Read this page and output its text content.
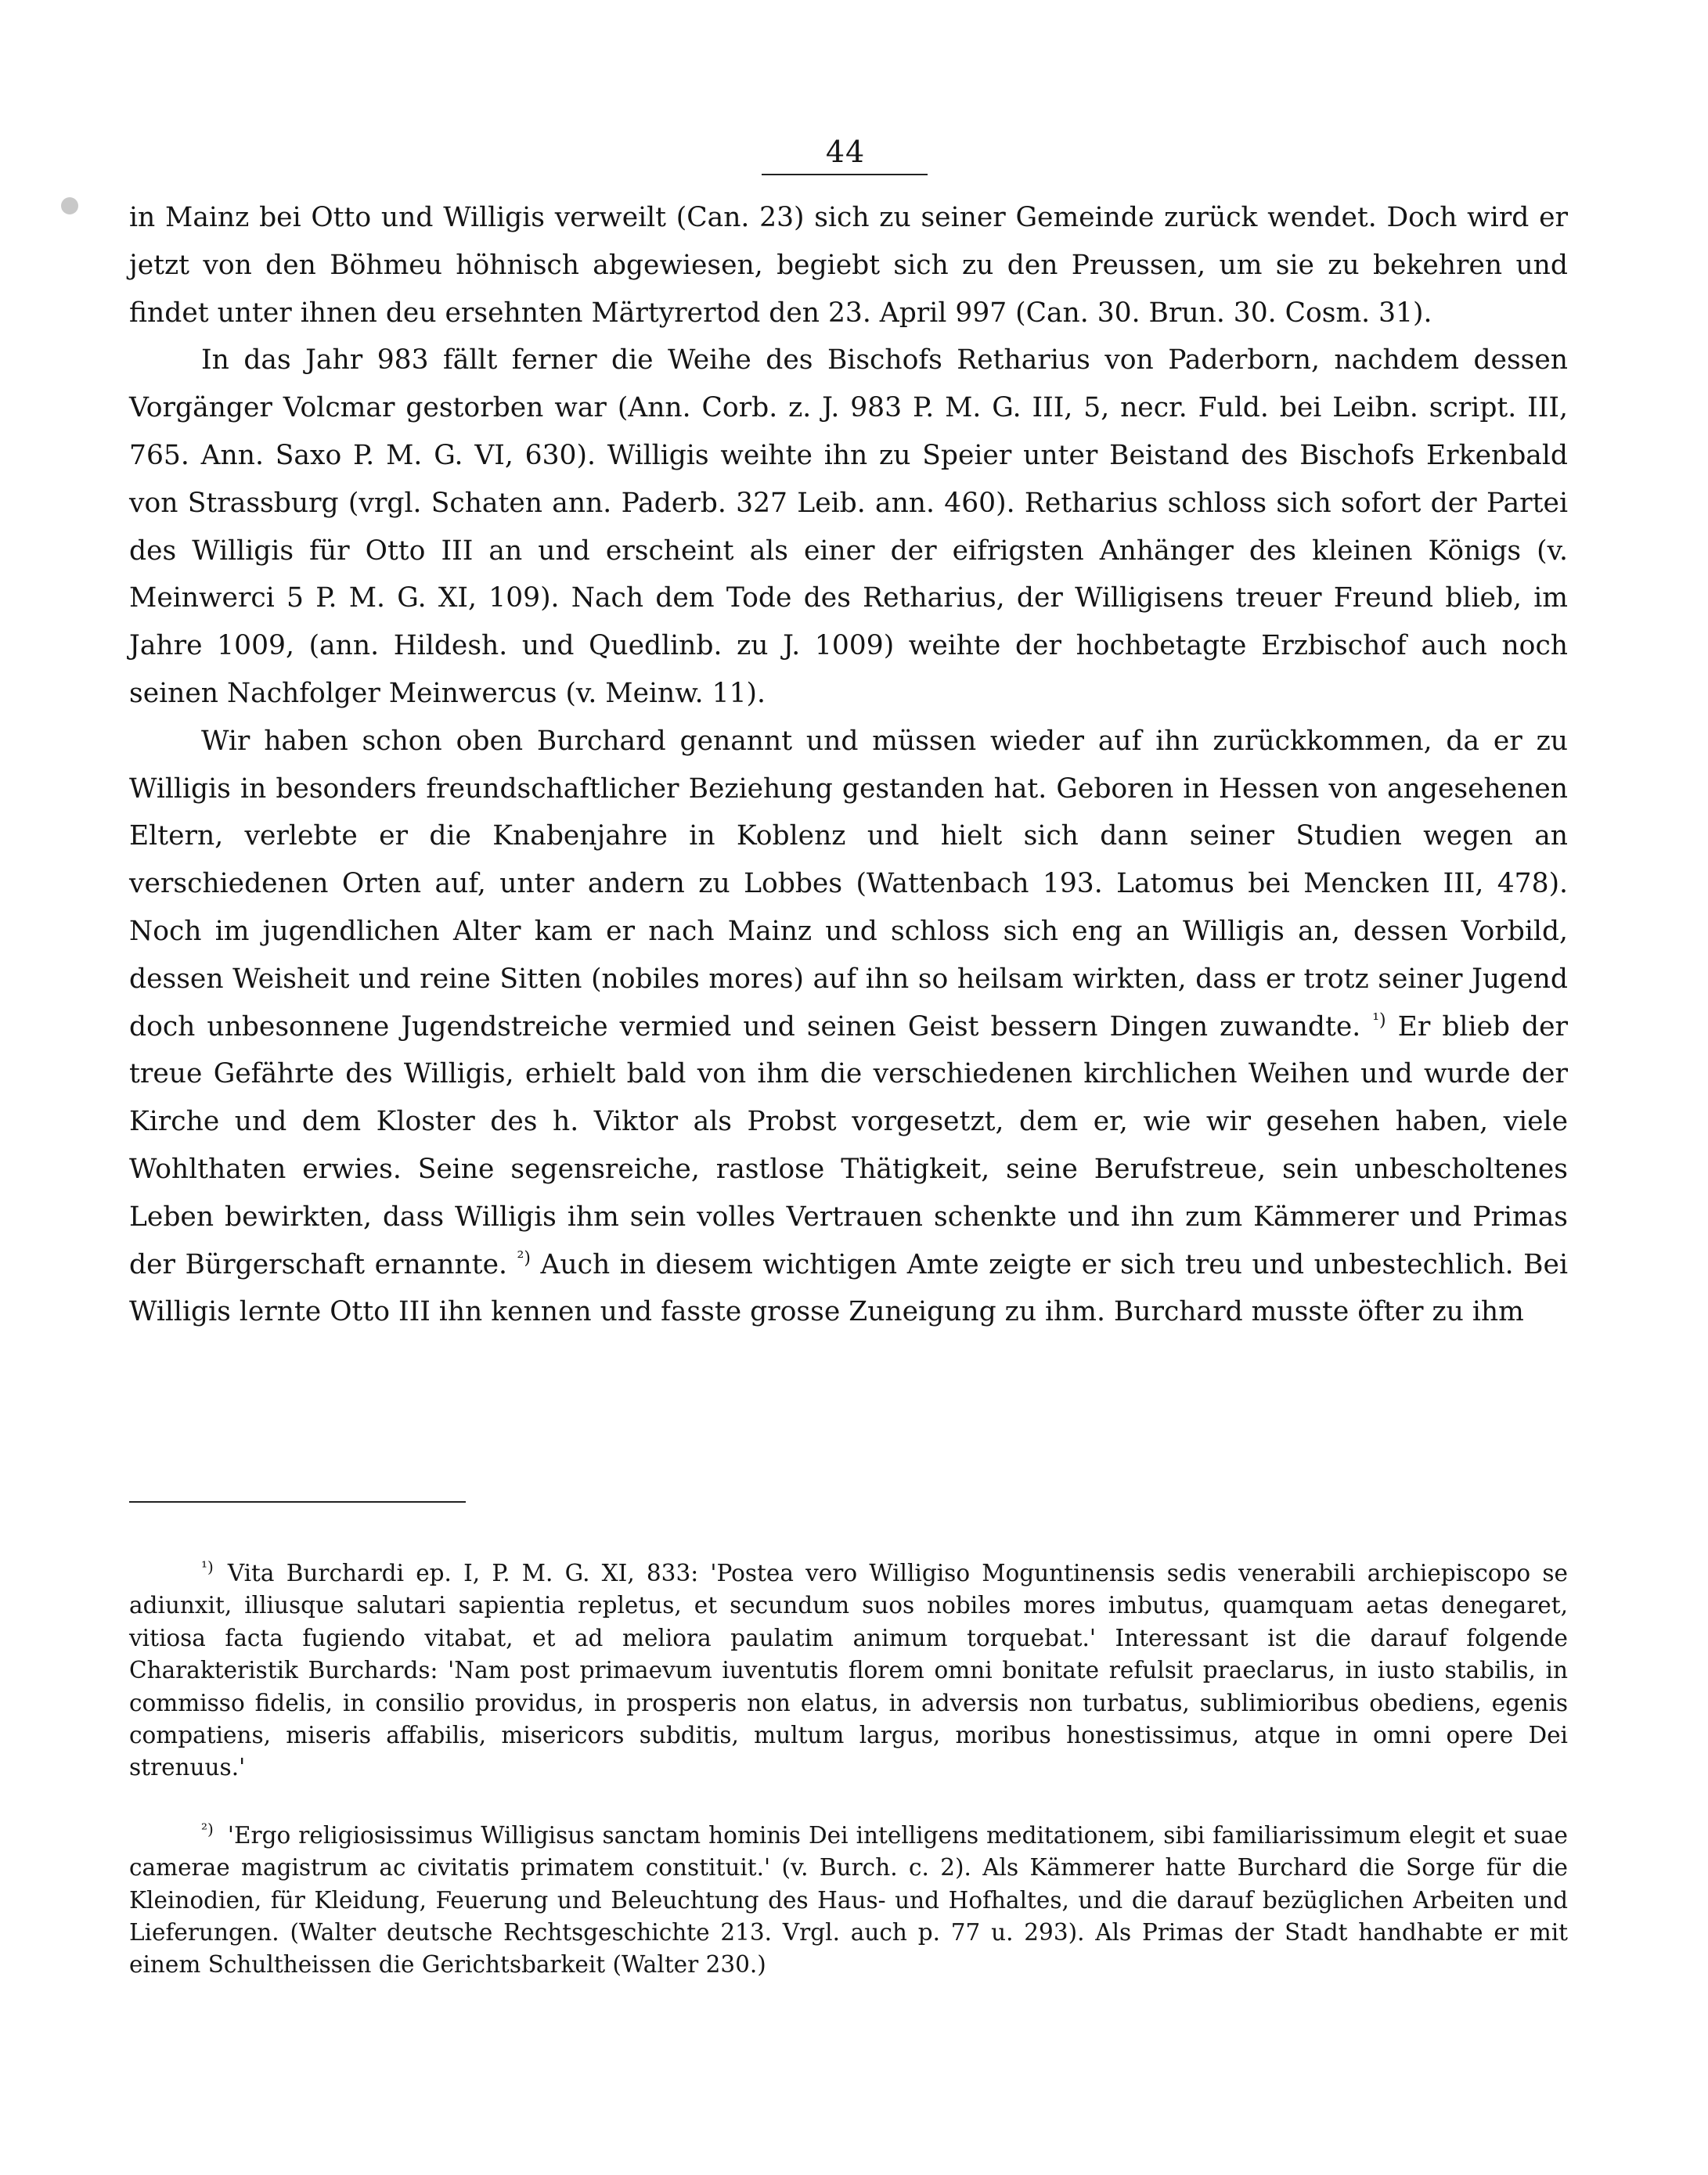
44

in Mainz bei Otto und Willigis verweilt (Can. 23) sich zu seiner Gemeinde zurück wendet. Doch wird er jetzt von den Böhmeu höhnisch abgewiesen, begiebt sich zu den Preussen, um sie zu bekehren und findet unter ihnen deu ersehnten Märtyrertod den 23. April 997 (Can. 30. Brun. 30. Cosm. 31).

In das Jahr 983 fällt ferner die Weihe des Bischofs Retharius von Paderborn, nachdem dessen Vorgänger Volcmar gestorben war (Ann. Corb. z. J. 983 P. M. G. III, 5, necr. Fuld. bei Leibn. script. III, 765. Ann. Saxo P. M. G. VI, 630). Willigis weihte ihn zu Speier unter Beistand des Bischofs Erkenbald von Strassburg (vrgl. Schaten ann. Paderb. 327 Leib. ann. 460). Retharius schloss sich sofort der Partei des Willigis für Otto III an und erscheint als einer der eifrigsten Anhänger des kleinen Königs (v. Meinwerci 5 P. M. G. XI, 109). Nach dem Tode des Retharius, der Willigisens treuer Freund blieb, im Jahre 1009, (ann. Hildesh. und Quedlinb. zu J. 1009) weihte der hochbetagte Erzbischof auch noch seinen Nachfolger Meinwercus (v. Meinw. 11).

Wir haben schon oben Burchard genannt und müssen wieder auf ihn zurückkommen, da er zu Willigis in besonders freundschaftlicher Beziehung gestanden hat. Geboren in Hessen von angesehenen Eltern, verlebte er die Knabenjahre in Koblenz und hielt sich dann seiner Studien wegen an verschiedenen Orten auf, unter andern zu Lobbes (Wattenbach 193. Latomus bei Mencken III, 478). Noch im jugendlichen Alter kam er nach Mainz und schloss sich eng an Willigis an, dessen Vorbild, dessen Weisheit und reine Sitten (nobiles mores) auf ihn so heilsam wirkten, dass er trotz seiner Jugend doch unbesonnene Jugendstreiche vermied und seinen Geist bessern Dingen zuwandte. $^{^1)}$ Er blieb der treue Gefährte des Willigis, erhielt bald von ihm die verschiedenen kirchlichen Weihen und wurde der Kirche und dem Kloster des h. Viktor als Probst vorgesetzt, dem er, wie wir gesehen haben, viele Wohlthaten erwies. Seine segensreiche, rastlose Thätigkeit, seine Berufstreue, sein unbescholtenes Leben bewirkten, dass Willigis ihm sein volles Vertrauen schenkte und ihn zum Kämmerer und Primas der Bürgerschaft ernannte. $^{^2)}$ Auch in diesem wichtigen Amte zeigte er sich treu und unbestechlich. Bei Willigis lernte Otto III ihn kennen und fasste grosse Zuneigung zu ihm. Burchard musste öfter zu ihm

$^{^1)}$ Vita Burchardi ep. I, P. M. G. XI, 833: 'Postea vero Willigiso Moguntinensis sedis venerabili archiepiscopo se adiunxit, illiusque salutari sapientia repletus, et secundum suos nobiles mores imbutus, quamquam aetas denegaret, vitiosa facta fugiendo vitabat, et ad meliora paulatim animum torquebat.' Interessant ist die darauf folgende Charakteristik Burchards: 'Nam post primaevum iuventutis florem omni bonitate refulsit praeclarus, in iusto stabilis, in commisso fidelis, in consilio providus, in prosperis non elatus, in adversis non turbatus, sublimioribus obediens, egenis compatiens, miseris affabilis, misericors subditis, multum largus, moribus honestissimus, atque in omni opere Dei strenuus.'

$^{^2)}$ 'Ergo religiosissimus Willigisus sanctam hominis Dei intelligens meditationem, sibi familiarissimum elegit et suae camerae magistrum ac civitatis primatem constituit.' (v. Burch. c. 2). Als Kämmerer hatte Burchard die Sorge für die Kleinodien, für Kleidung, Feuerung und Beleuchtung des Haus- und Hofhaltes, und die darauf bezüglichen Arbeiten und Lieferungen. (Walter deutsche Rechtsgeschichte 213. Vrgl. auch p. 77 u. 293). Als Primas der Stadt handhabte er mit einem Schultheissen die Gerichtsbarkeit (Walter 230.)
